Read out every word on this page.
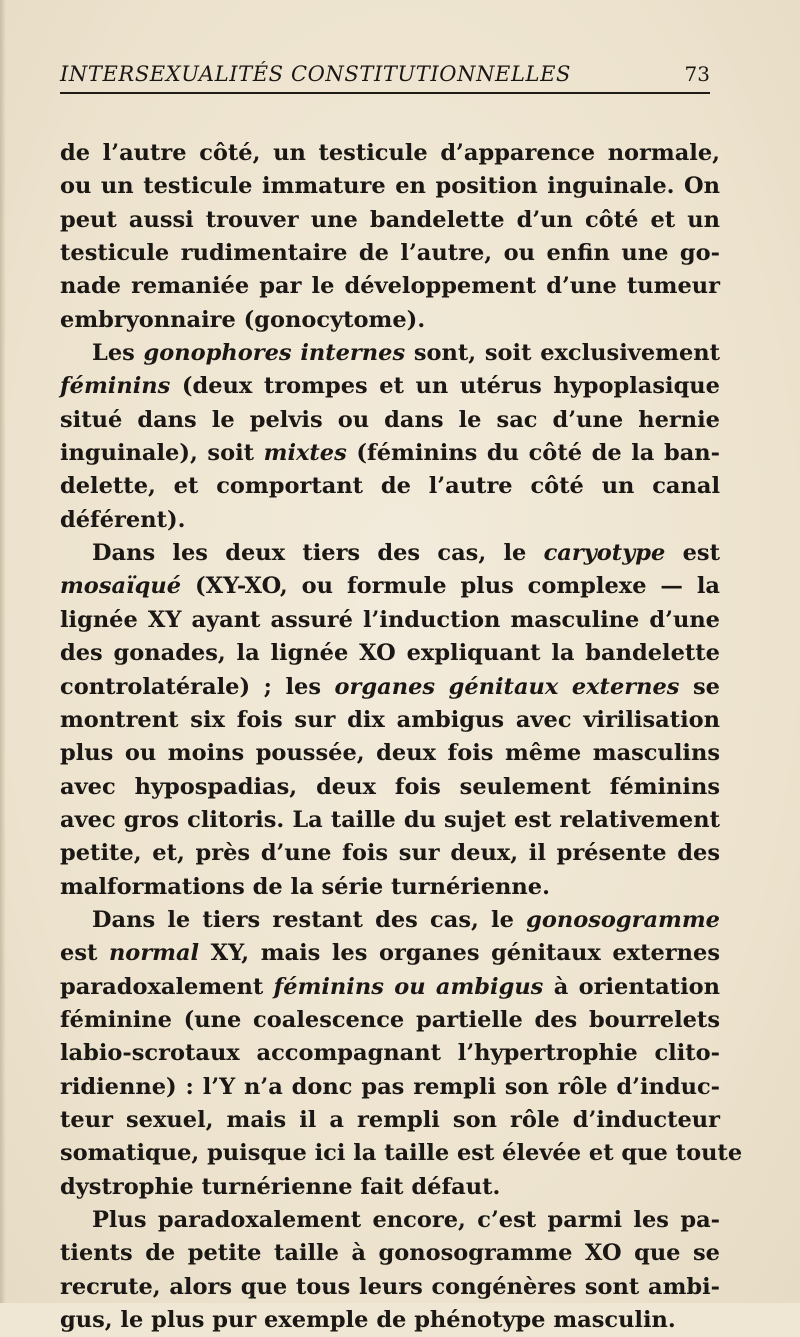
INTERSEXUALITÉS CONSTITUTIONNELLES	73
de l’autre côté, un testicule d’apparence normale,
ou un testicule immature en position inguinale. On
peut aussi trouver une bandelette d’un côté et un
testicule rudimentaire de l’autre, ou enfin une go-
nade remaniée par le développement d’une tumeur
embryonnaire (gonocytome).
Les gonophores internes sont, soit exclusivement
féminins (deux trompes et un utérus hypoplasique
situé dans le pelvis ou dans le sac d’une hernie
inguinale), soit mixtes (féminins du côté de la ban-
delette, et comportant de l’autre côté un canal
déférent).
Dans les deux tiers des cas, le caryotype est
mosaïqué (XY-XO, ou formule plus complexe — la
lignée XY ayant assuré l’induction masculine d’une
des gonades, la lignée XO expliquant la bandelette
controlatérale) ; les organes génitaux externes se
montrent six fois sur dix ambigus avec virilisation
plus ou moins poussée, deux fois même masculins
avec hypospadias, deux fois seulement féminins
avec gros clitoris. La taille du sujet est relativement
petite, et, près d’une fois sur deux, il présente des
malformations de la série turnérienne.
Dans le tiers restant des cas, le gonosogramme
est normal XY, mais les organes génitaux externes
paradoxalement féminins ou ambigus à orientation
féminine (une coalescence partielle des bourrelets
labio-scrotaux accompagnant l’hypertrophie clito-
ridienne) : l’Y n’a donc pas rempli son rôle d’induc-
teur sexuel, mais il a rempli son rôle d’inducteur
somatique, puisque ici la taille est élevée et que toute
dystrophie turnérienne fait défaut.
Plus paradoxalement encore, c’est parmi les pa-
tients de petite taille à gonosogramme XO que se
recrute, alors que tous leurs congénères sont ambi-
gus, le plus pur exemple de phénotype masculin.
